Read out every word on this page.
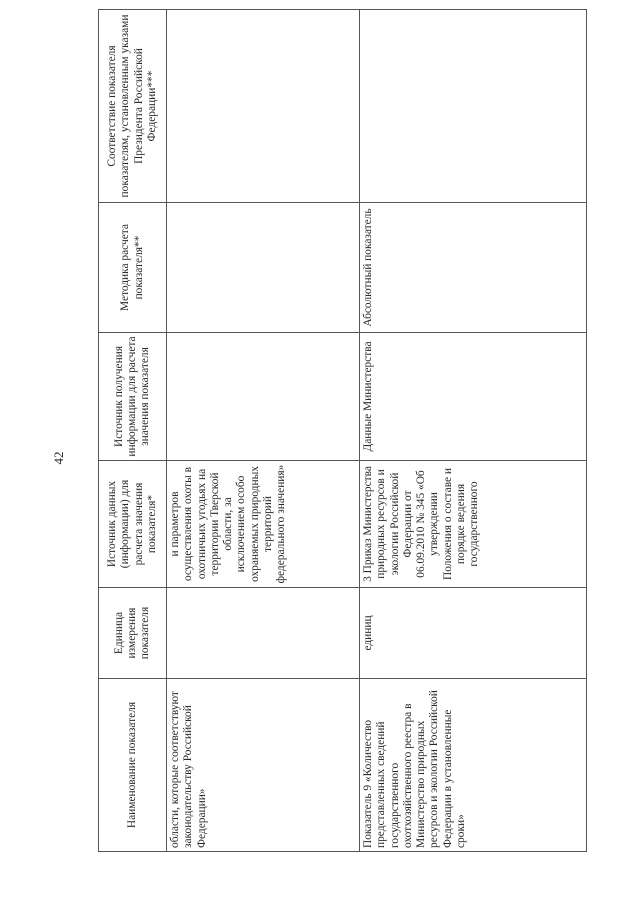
42
Наименование показателя	Единица измерения показателя	Источник данных (информации) для расчета значения показателя*	Источник получения информации для расчета значения показателя	Методика расчета показателя**	Соответствие показателя показателям, установленным указами Президента Российской Федерации***
области, которые соответствуют законодательству Российской Федерации»		и параметров осуществления охоты в охотничьих угодьях на территории Тверской области, за исключением особо охраняемых природных территорий федерального значения»			
Показатель 9 «Количество представленных сведений государственного охотхозяйственного реестра в Министерство природных ресурсов и экологии Российской Федерации в установленные сроки»	единиц	3 Приказ Министерства природных ресурсов и экологии Российской Федерации от 06.09.2010 № 345 «Об утверждении Положения о составе и порядке ведения государственного	Данные Министерства	Абсолютный показатель	
